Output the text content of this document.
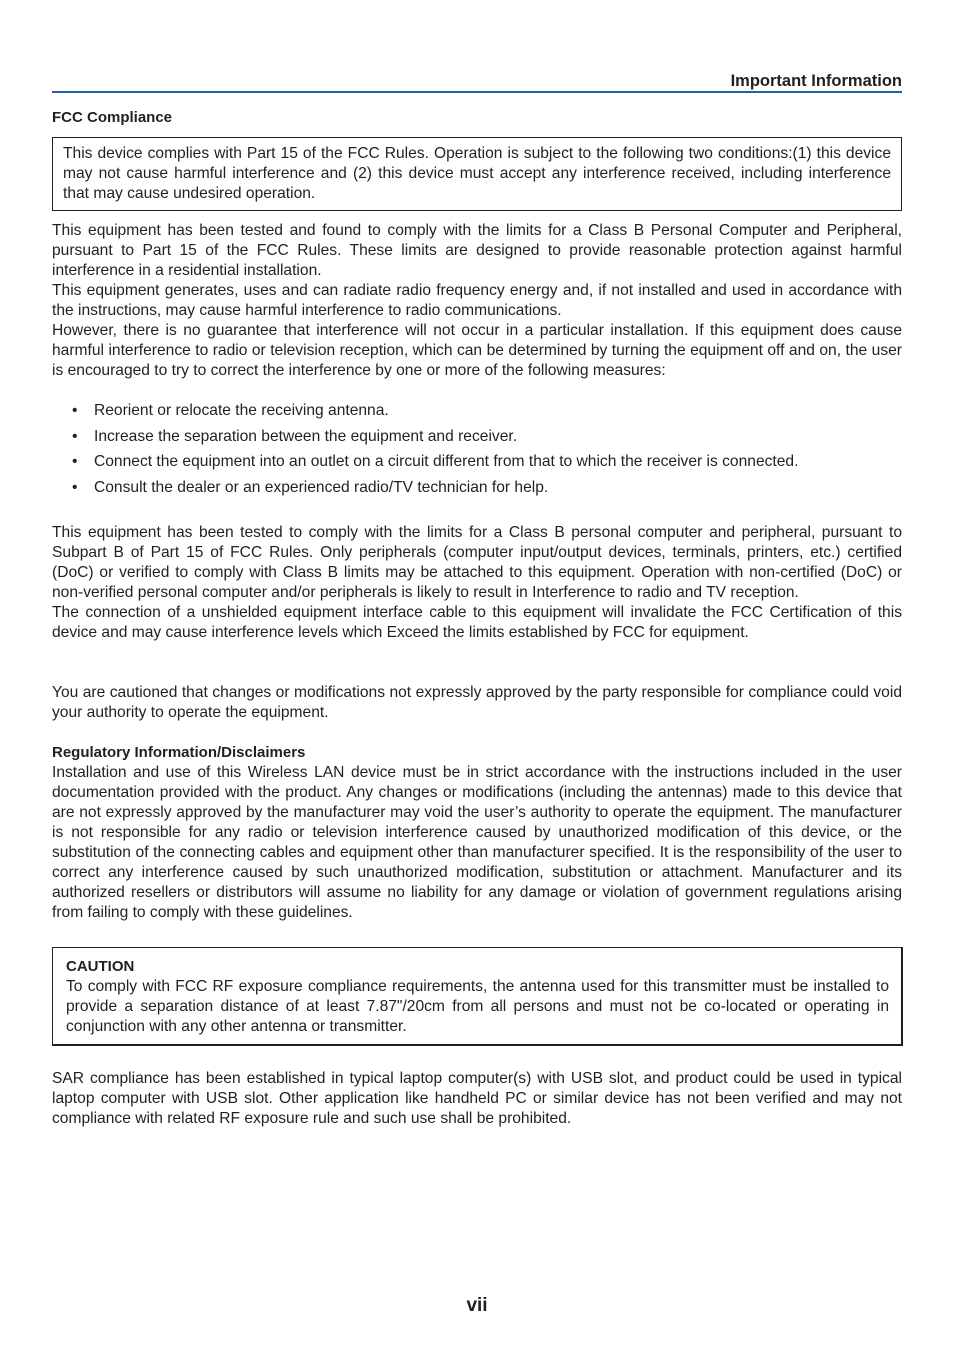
Important Information
FCC Compliance

This device complies with Part 15 of the FCC Rules. Operation is subject to the following two conditions:(1) this device may not cause harmful interference and (2) this device must accept any interference received, including interference that may cause undesired operation.

This equipment has been tested and found to comply with the limits for a Class B Personal Computer and Peripheral, pursuant to Part 15 of the FCC Rules. These limits are designed to provide reasonable protection against harmful interference in a residential installation.

This equipment generates, uses and can radiate radio frequency energy and, if not installed and used in accordance with the instructions, may cause harmful interference to radio communications.

However, there is no guarantee that interference will not occur in a particular installation. If this equipment does cause harmful interference to radio or television reception, which can be determined by turning the equipment off and on, the user is encouraged to try to correct the interference by one or more of the following measures:

• Reorient or relocate the receiving antenna.
• Increase the separation between the equipment and receiver.
• Connect the equipment into an outlet on a circuit different from that to which the receiver is connected.
• Consult the dealer or an experienced radio/TV technician for help.

This equipment has been tested to comply with the limits for a Class B personal computer and peripheral, pursuant to Subpart B of Part 15 of FCC Rules. Only peripherals (computer input/output devices, terminals, printers, etc.) certified (DoC) or verified to comply with Class B limits may be attached to this equipment. Operation with non-certified (DoC) or non-verified personal computer and/or peripherals is likely to result in Interference to radio and TV reception.

The connection of a unshielded equipment interface cable to this equipment will invalidate the FCC Certification of this device and may cause interference levels which Exceed the limits established by FCC for equipment.

You are cautioned that changes or modifications not expressly approved by the party responsible for compliance could void your authority to operate the equipment.

Regulatory Information/Disclaimers

Installation and use of this Wireless LAN device must be in strict accordance with the instructions included in the user documentation provided with the product. Any changes or modifications (including the antennas) made to this device that are not expressly approved by the manufacturer may void the user’s authority to operate the equipment. The manufacturer is not responsible for any radio or television interference caused by unauthorized modification of this device, or the substitution of the connecting cables and equipment other than manufacturer specified. It is the responsibility of the user to correct any interference caused by such unauthorized modification, substitution or attachment. Manufacturer and its authorized resellers or distributors will assume no liability for any damage or violation of government regulations arising from failing to comply with these guidelines.

CAUTION

To comply with FCC RF exposure compliance requirements, the antenna used for this transmitter must be installed to provide a separation distance of at least 7.87"/20cm from all persons and must not be co-located or operating in conjunction with any other antenna or transmitter.

SAR compliance has been established in typical laptop computer(s) with USB slot, and product could be used in typical laptop computer with USB slot. Other application like handheld PC or similar device has not been verified and may not compliance with related RF exposure rule and such use shall be prohibited.

vii
